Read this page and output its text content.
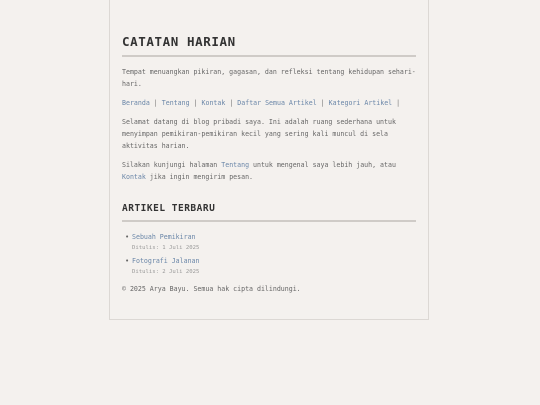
CATATAN HARIAN

Tempat menuangkan pikiran, gagasan, dan refleksi tentang kehidupan sehari-hari.

Beranda | Tentang | Kontak | Daftar Semua Artikel | Kategori Artikel |

Selamat datang di blog pribadi saya. Ini adalah ruang sederhana untuk menyimpan pemikiran-pemikiran kecil yang sering kali muncul di sela aktivitas harian.

Silakan kunjungi halaman Tentang untuk mengenal saya lebih jauh, atau Kontak jika ingin mengirim pesan.

ARTIKEL TERBARU
• Sebuah Pemikiran
Ditulis: 1 Juli 2025
• Fotografi Jalanan
Ditulis: 2 Juli 2025

© 2025 Arya Bayu. Semua hak cipta dilindungi.
